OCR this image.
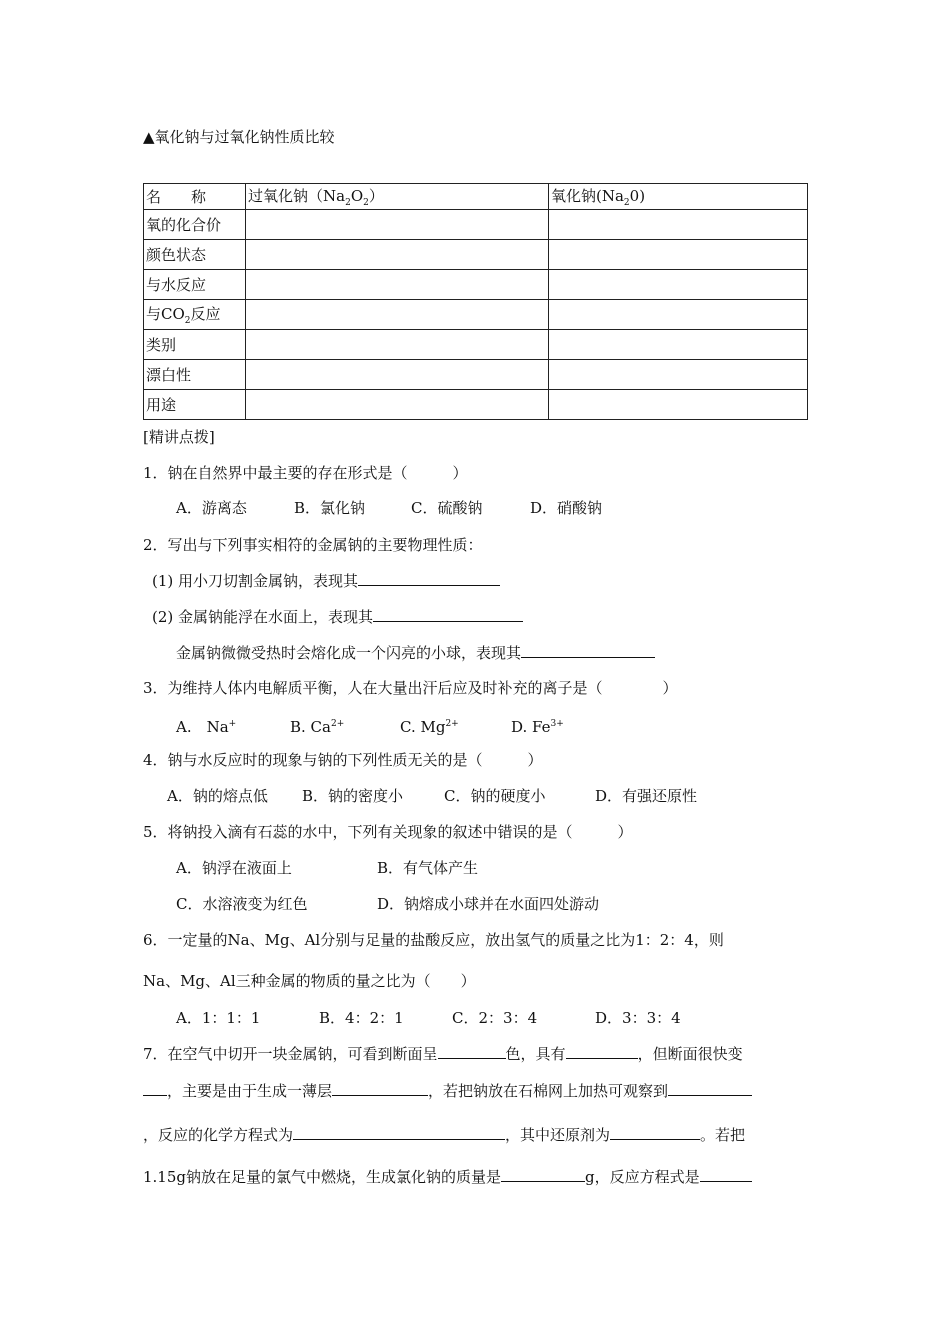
▲氧化钠与过氧化钠性质比较
名　　称	过氧化钠$(Na_2O_2)$	氧化钠$(Na_20)$
氧的化合价		
颜色状态		
与水反应		
与$CO_2$反应		
类别		
漂白性		
用途		
[精讲点拨]
1．钠在自然界中最主要的存在形式是（　　　）
A．游离态	B．氯化钠	C．硫酸钠	D．硝酸钠
2．写出与下列事实相符的金属钠的主要物理性质：
(1) 用小刀切割金属钠，表现其
(2) 金属钠能浮在水面上，表现其
金属钠微微受热时会熔化成一个闪亮的小球，表现其
3．为维持人体内电解质平衡，人在大量出汗后应及时补充的离子是（　　　　）
A.　Na+	B. $Ca^{2+}$	C. $Mg^{2+}$	D. $Fe^{3+}$
4．钠与水反应时的现象与钠的下列性质无关的是（　　　）
A．钠的熔点低 B．钠的密度小	C．钠的硬度小	D．有强还原性
5．将钠投入滴有石蕊的水中，下列有关现象的叙述中错误的是（　　　）
A．钠浮在液面上	B．有气体产生
C．水溶液变为红色	D．钠熔成小球并在水面四处游动
6．一定量的Na、Mg、Al分别与足量的盐酸反应，放出氢气的质量之比为1：2：4，则
Na、Mg、Al三种金属的物质的量之比为（　　）
A．1：1：1	B．4：2：1	C．2：3：4	D．3：3：4
7．在空气中切开一块金属钠，可看到断面呈	色，具有	，但断面很快变
，主要是由于生成一薄层	，若把钠放在石棉网上加热可观察到
，反应的化学方程式为	，其中还原剂为	。若把
1.15g钠放在足量的氯气中燃烧，生成氯化钠的质量是	g，反应方程式是
